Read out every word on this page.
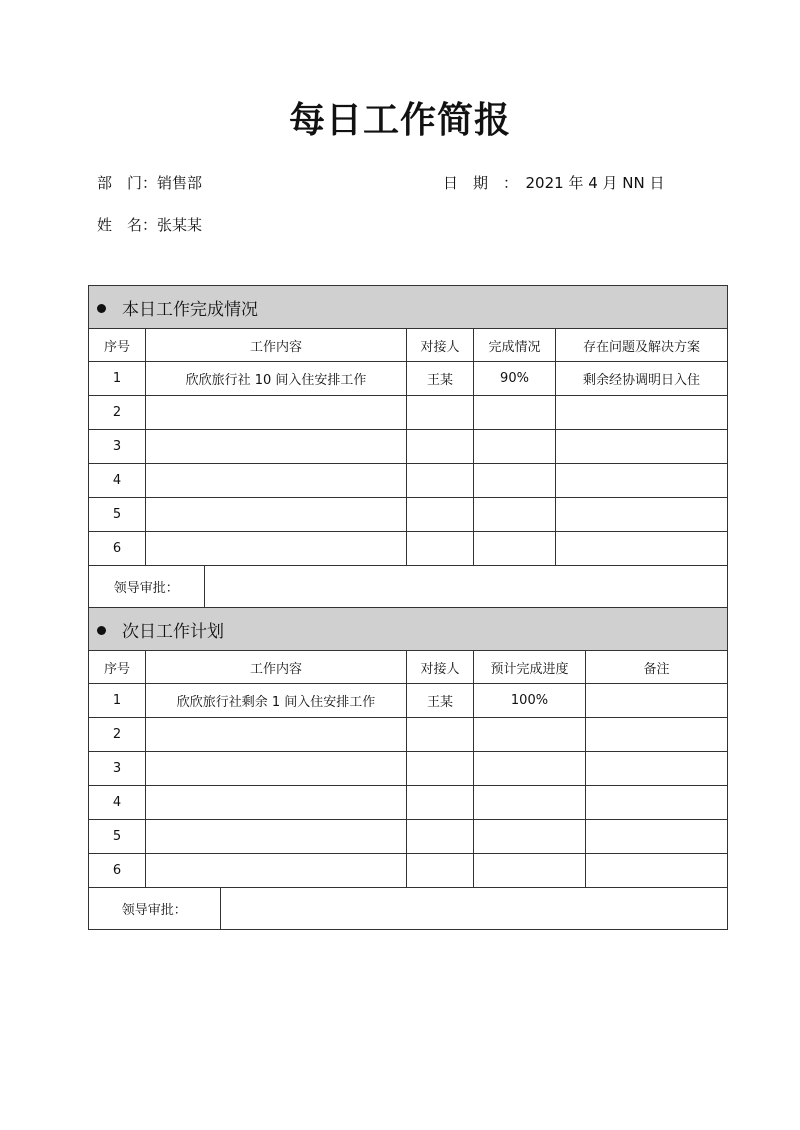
每日工作简报
部　门：销售部	日　期　：　2021 年 4 月 NN 日
姓　名：张某某
本日工作完成情况
序号	工作内容	对接人	完成情况	存在问题及解决方案
1	欣欣旅行社 10 间入住安排工作	王某	90%	剩余经协调明日入住
2				
3				
4				
5				
6				

领导审批：	

次日工作计划
序号	工作内容	对接人	预计完成进度	备注
1	欣欣旅行社剩余 1 间入住安排工作	王某	100%	
2				
3				
4				
5				
6				

领导审批：	
